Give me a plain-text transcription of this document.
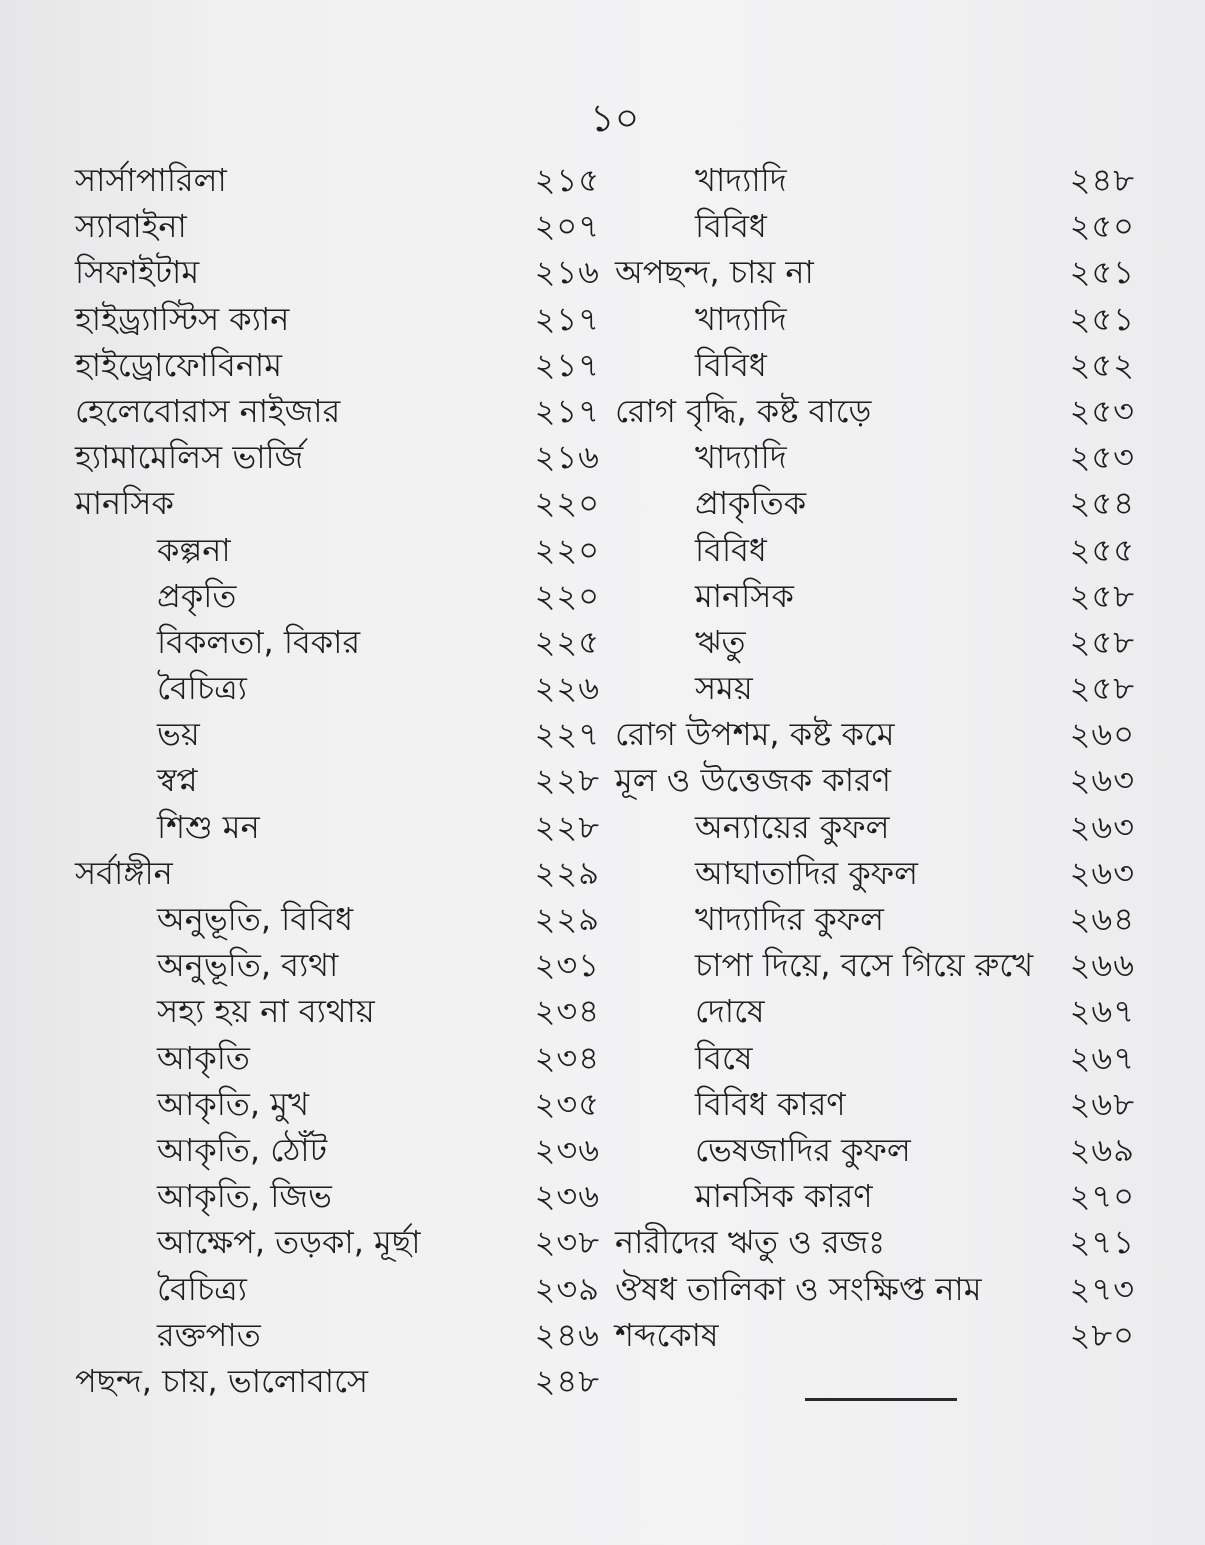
১০
সার্সাপারিলা	২১৫
স্যাবাইনা	২০৭
সিফাইটাম	২১৬
হাইড্র্যাস্টিস ক্যান	২১৭
হাইড্রোফোবিনাম	২১৭
হেলেবোরাস নাইজার	২১৭
হ্যামামেলিস ভার্জি	২১৬
মানসিক	২২০
কল্পনা	২২০
প্রকৃতি	২২০
বিকলতা, বিকার	২২৫
বৈচিত্র্য	২২৬
ভয়	২২৭
স্বপ্ন	২২৮
শিশু মন	২২৮
সর্বাঙ্গীন	২২৯
অনুভূতি, বিবিধ	২২৯
অনুভূতি, ব্যথা	২৩১
সহ্য হয় না ব্যথায়	২৩৪
আকৃতি	২৩৪
আকৃতি, মুখ	২৩৫
আকৃতি, ঠোঁট	২৩৬
আকৃতি, জিভ	২৩৬
আক্ষেপ, তড়কা, মূর্ছা	২৩৮
বৈচিত্র্য	২৩৯
রক্তপাত	২৪৬
পছন্দ, চায়, ভালোবাসে	২৪৮
খাদ্যাদি	২৪৮
বিবিধ	২৫০
অপছন্দ, চায় না	২৫১
খাদ্যাদি	২৫১
বিবিধ	২৫২
রোগ বৃদ্ধি, কষ্ট বাড়ে	২৫৩
খাদ্যাদি	২৫৩
প্রাকৃতিক	২৫৪
বিবিধ	২৫৫
মানসিক	২৫৮
ঋতু	২৫৮
সময়	২৫৮
রোগ উপশম, কষ্ট কমে	২৬০
মূল ও উত্তেজক কারণ	২৬৩
অন্যায়ের কুফল	২৬৩
আঘাতাদির কুফল	২৬৩
খাদ্যাদির কুফল	২৬৪
চাপা দিয়ে, বসে গিয়ে রুখে ২৬৬
দোষে	২৬৭
বিষে	২৬৭
বিবিধ কারণ	২৬৮
ভেষজাদির কুফল	২৬৯
মানসিক কারণ	২৭০
নারীদের ঋতু ও রজঃ	২৭১
ঔষধ তালিকা ও সংক্ষিপ্ত নাম	২৭৩
শব্দকোষ	২৮০
